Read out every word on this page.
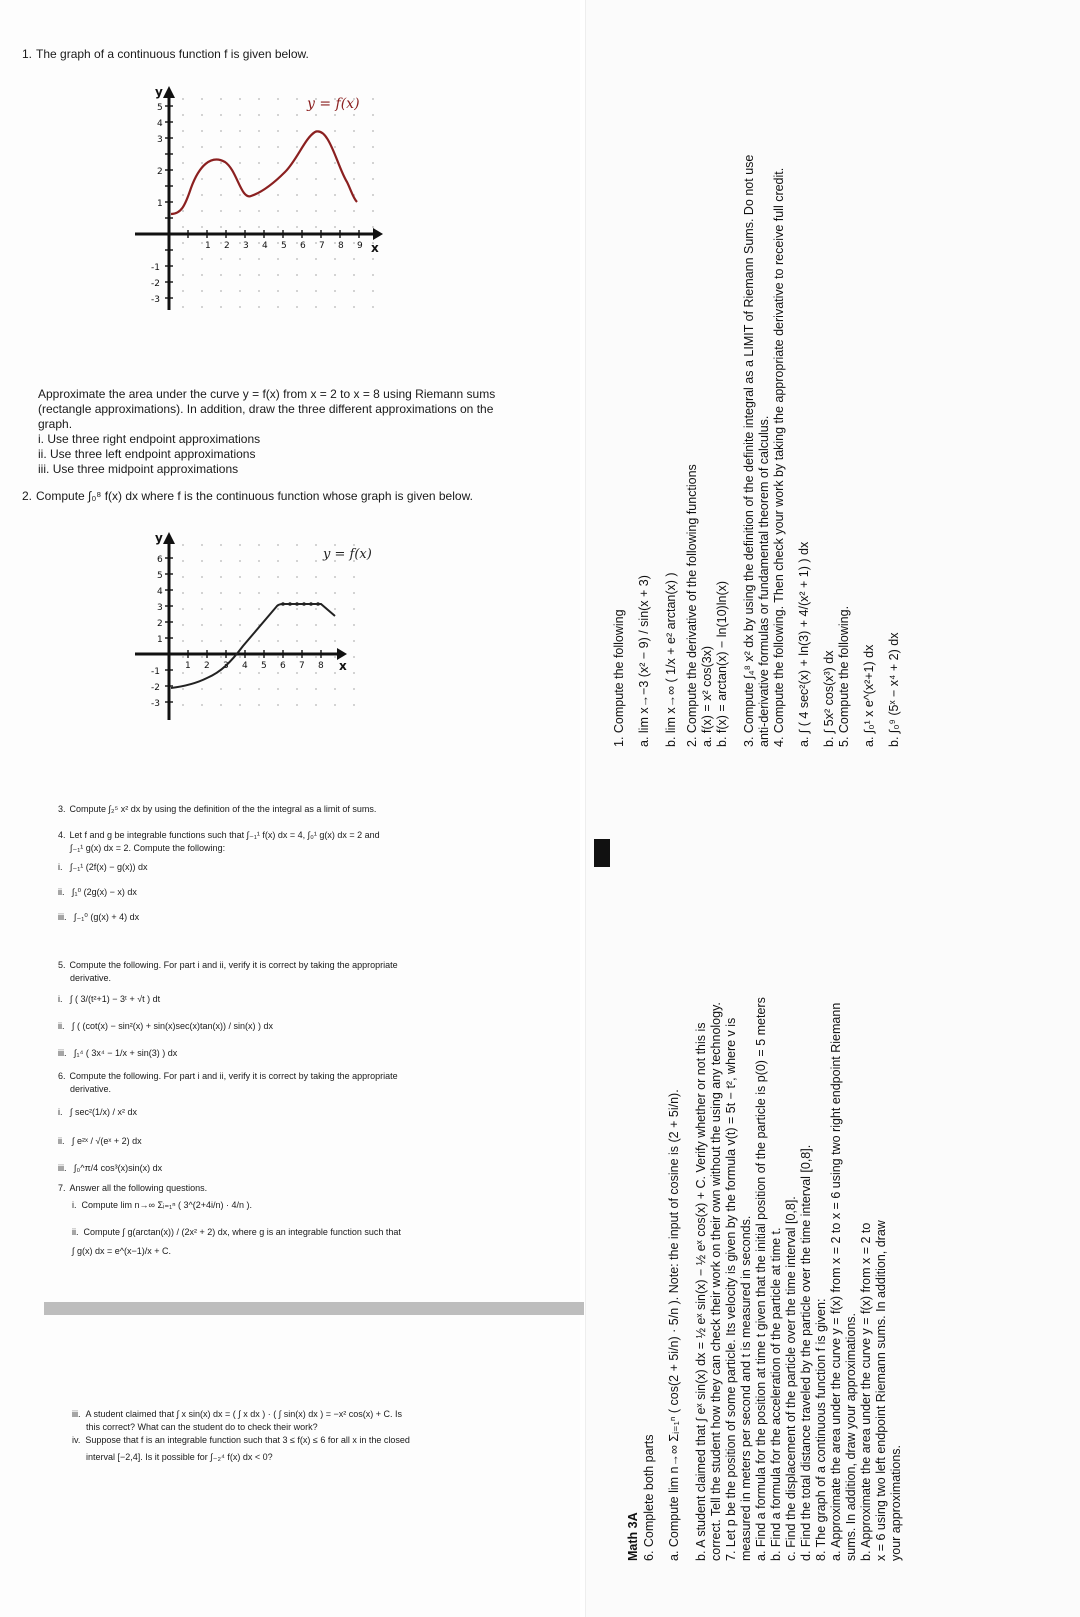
1. The graph of a continuous function f is given below.
1 2 3 4 5 6 7 8 9
1
2
3
4
5
-1
-2
-3
y = f(x)
x
y
Approximate the area under the curve y = f(x) from x = 2 to x = 8 using Riemann sums
(rectangle approximations). In addition, draw the three different approximations on the
graph.
i. Use three right endpoint approximations
ii. Use three left endpoint approximations
iii. Use three midpoint approximations
2. Compute ∫₀⁸ f(x) dx where f is the continuous function whose graph is given below.
1 2 3 4 5 6 7 8
1
2
3
4
5
6
-1
-2
-3
y = f(x)
x
y
3. Compute ∫₂⁵ x² dx by using the definition of the the integral as a limit of sums.
4. Let f and g be integrable functions such that ∫₋₁¹ f(x) dx = 4, ∫₀¹ g(x) dx = 2 and
∫₋₁¹ g(x) dx = 2. Compute the following:
i. ∫₋₁¹ (2f(x) − g(x)) dx
ii. ∫₁⁰ (2g(x) − x) dx
iii. ∫₋₁⁰ (g(x) + 4) dx
5. Compute the following. For part i and ii, verify it is correct by taking the appropriate
derivative.
i. ∫ ( 3/(t²+1) − 3ᵗ + √t ) dt
ii. ∫ ( (cot(x) − sin²(x) + sin(x)sec(x)tan(x)) / sin(x) ) dx
iii. ∫₁⁴ ( 3x⁴ − 1/x + sin(3) ) dx
6. Compute the following. For part i and ii, verify it is correct by taking the appropriate
derivative.
i. ∫ sec²(1/x) / x² dx
ii. ∫ e²ˣ / √(eˣ + 2) dx
iii. ∫₀^π/4 cos³(x)sin(x) dx
7. Answer all the following questions.
i. Compute lim n→∞ Σᵢ₌₁ⁿ ( 3^(2+4i/n) · 4/n ).
ii. Compute ∫ g(arctan(x)) / (2x² + 2) dx, where g is an integrable function such that
∫ g(x) dx = e^(x−1)/x + C.
iii. A student claimed that ∫ x sin(x) dx = ( ∫ x dx ) · ( ∫ sin(x) dx ) = −x² cos(x) + C. Is
this correct? What can the student do to check their work?
iv. Suppose that f is an integrable function such that 3 ≤ f(x) ≤ 6 for all x in the closed
interval [−2,4]. Is it possible for ∫₋₂⁴ f(x) dx < 0?
Math 3A 6. Complete both parts a. Compute lim n→∞ Σᵢ₌₁ⁿ ( cos(2 + 5i/n) · 5/n ). Note: the input of cosine is (2 + 5i/n). b. A student claimed that ∫ eˣ sin(x) dx = ½ eˣ sin(x) − ½ eˣ cos(x) + C. Verify whether or not this is correct. Tell the student how they can check their work on their own without the using any technology. 7. Let p be the position of some particle. Its velocity is given by the formula v(t) = 5t − t², where v is measured in meters per second and t is measured in seconds. a. Find a formula for the position at time t given that the initial position of the particle is p(0) = 5 meters b. Find a formula for the acceleration of the particle at time t. c. Find the displacement of the particle over the time interval [0,8]. d. Find the total distance traveled by the particle over the time interval [0,8]. 8. The graph of a continuous function f is given: a. Approximate the area under the curve y = f(x) from x = 2 to x = 6 using two right endpoint Riemann sums. In addition, draw your approximations. b. Approximate the area under the curve y = f(x) from x = 2 to x = 6 using two left endpoint Riemann sums. In addition, draw your approximations.
1. Compute the following a. lim x→−3 (x² − 9) / sin(x + 3) b. lim x→∞ ( 1/x + e² arctan(x) ) 2. Compute the derivative of the following functions a. f(x) = x² cos(3x) b. f(x) = arctan(x) − ln(10)ln(x) 3. Compute ∫₄⁸ x² dx by using the definition of the definite integral as a LIMIT of Riemann Sums. Do not use anti-derivative formulas or fundamental theorem of calculus. 4. Compute the following. Then check your work by taking the appropriate derivative to receive full credit. a. ∫ ( 4 sec²(x) + ln(3) + 4/(x² + 1) ) dx b. ∫ 5x² cos(x³) dx 5. Compute the following. a. ∫₀¹ x e^(x²+1) dx b. ∫₀⁹ (5ˣ − x⁴ + 2) dx
